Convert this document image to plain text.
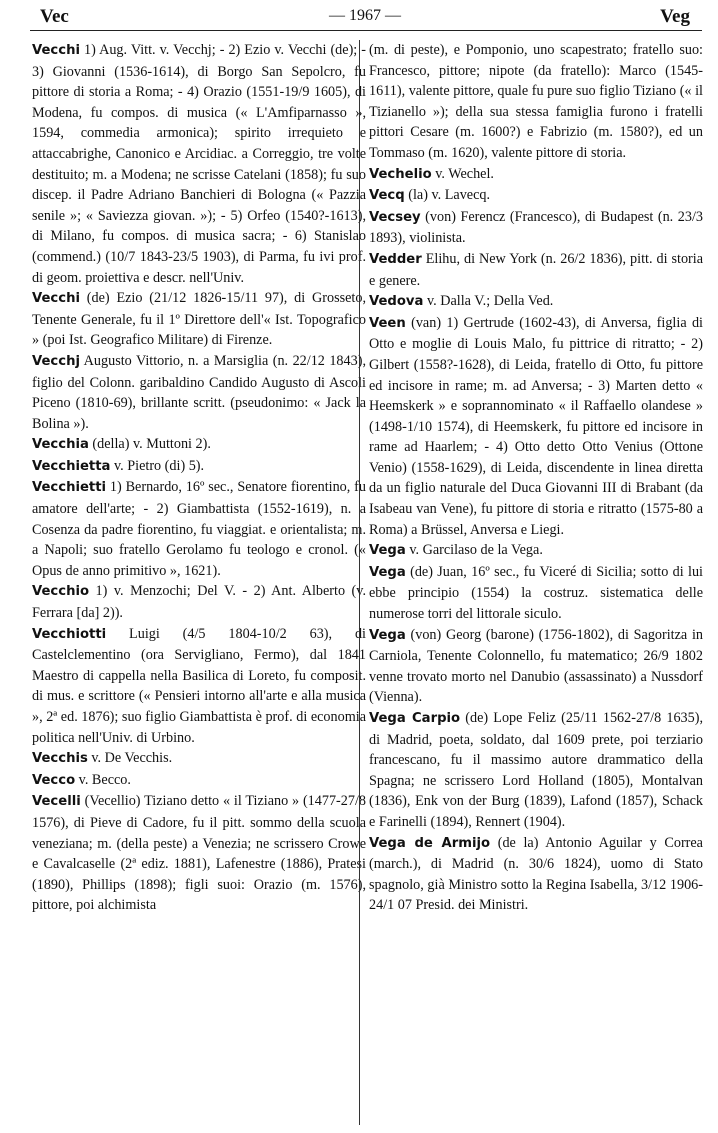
Vec	— 1967 —	Veg

Vecchi 1) Aug. Vitt. v. Vecchj; - 2) Ezio v. Vecchi (de); - 3) Giovanni (1536-1614), di Borgo San Sepolcro, fu pittore di storia a Roma; - 4) Orazio (1551-19/9 1605), di Modena, fu compos. di musica (« L'Amfiparnasso », 1594, commedia armonica); spirito irrequieto e attaccabrighe, Canonico e Arcidiac. a Correggio, tre volte destituito; m. a Modena; ne scrisse Catelani (1858); fu suo discep. il Padre Adriano Banchieri di Bologna (« Pazzia senile »; « Saviezza giovan. »); - 5) Orfeo (1540?-1613), di Milano, fu compos. di musica sacra; - 6) Stanislao (commend.) (10/7 1843-23/5 1903), di Parma, fu ivi prof. di geom. proiettiva e descr. nell'Univ.

Vecchi (de) Ezio (21/12 1826-15/11 97), di Grosseto, Tenente Generale, fu il 1º Direttore dell'« Ist. Topografico » (poi Ist. Geografico Militare) di Firenze.

Vecchj Augusto Vittorio, n. a Marsiglia (n. 22/12 1843), figlio del Colonn. garibaldino Candido Augusto di Ascoli Piceno (1810-69), brillante scritt. (pseudonimo: « Jack la Bolina »).

Vecchia (della) v. Muttoni 2).

Vecchietta v. Pietro (di) 5).

Vecchietti 1) Bernardo, 16º sec., Senatore fiorentino, fu amatore dell'arte; - 2) Giambattista (1552-1619), n. a Cosenza da padre fiorentino, fu viaggiat. e orientalista; m. a Napoli; suo fratello Gerolamo fu teologo e cronol. (« Opus de anno primitivo », 1621).

Vecchio 1) v. Menzochi; Del V. - 2) Ant. Alberto (v. Ferrara [da] 2)).

Vecchiotti Luigi (4/5 1804-10/2 63), di Castelclementino (ora Servigliano, Fermo), dal 1841 Maestro di cappella nella Basilica di Loreto, fu composit. di mus. e scrittore (« Pensieri intorno all'arte e alla musica », 2ª ed. 1876); suo figlio Giambattista è prof. di economia politica nell'Univ. di Urbino.

Vecchis v. De Vecchis.

Vecco v. Becco.

Vecelli (Vecellio) Tiziano detto « il Tiziano » (1477-27/8 1576), di Pieve di Cadore, fu il pitt. sommo della scuola veneziana; m. (della peste) a Venezia; ne scrissero Crowe e Cavalcaselle (2ª ediz. 1881), Lafenestre (1886), Pratesi (1890), Phillips (1898); figli suoi: Orazio (m. 1576), pittore, poi alchimista

(m. di peste), e Pomponio, uno scapestrato; fratello suo: Francesco, pittore; nipote (da fratello): Marco (1545-1611), valente pittore, quale fu pure suo figlio Tiziano (« il Tizianello »); della sua stessa famiglia furono i fratelli pittori Cesare (m. 1600?) e Fabrizio (m. 1580?), ed un Tommaso (m. 1620), valente pittore di storia.

Vechelio v. Wechel.

Vecq (la) v. Lavecq.

Vecsey (von) Ferencz (Francesco), di Budapest (n. 23/3 1893), violinista.

Vedder Elihu, di New York (n. 26/2 1836), pitt. di storia e genere.

Vedova v. Dalla V.; Della Ved.

Veen (van) 1) Gertrude (1602-43), di Anversa, figlia di Otto e moglie di Louis Malo, fu pittrice di ritratto; - 2) Gilbert (1558?-1628), di Leida, fratello di Otto, fu pittore ed incisore in rame; m. ad Anversa; - 3) Marten detto « Heemskerk » e soprannominato « il Raffaello olandese » (1498-1/10 1574), di Heemskerk, fu pittore ed incisore in rame ad Haarlem; - 4) Otto detto Otto Venius (Ottone Venio) (1558-1629), di Leida, discendente in linea diretta da un figlio naturale del Duca Giovanni III di Brabant (da Isabeau van Vene), fu pittore di storia e ritratto (1575-80 a Roma) a Brüssel, Anversa e Liegi.

Vega v. Garcilaso de la Vega.

Vega (de) Juan, 16º sec., fu Viceré di Sicilia; sotto di lui ebbe principio (1554) la costruz. sistematica delle numerose torri del littorale siculo.

Vega (von) Georg (barone) (1756-1802), di Sagoritza in Carniola, Tenente Colonnello, fu matematico; 26/9 1802 venne trovato morto nel Danubio (assassinato) a Nussdorf (Vienna).

Vega Carpio (de) Lope Feliz (25/11 1562-27/8 1635), di Madrid, poeta, soldato, dal 1609 prete, poi terziario francescano, fu il massimo autore drammatico della Spagna; ne scrissero Lord Holland (1805), Montalvan (1836), Enk von der Burg (1839), Lafond (1857), Schack e Farinelli (1894), Rennert (1904).

Vega de Armijo (de la) Antonio Aguilar y Correa (march.), di Madrid (n. 30/6 1824), uomo di Stato spagnolo, già Ministro sotto la Regina Isabella, 3/12 1906-24/1 07 Presid. dei Ministri.
